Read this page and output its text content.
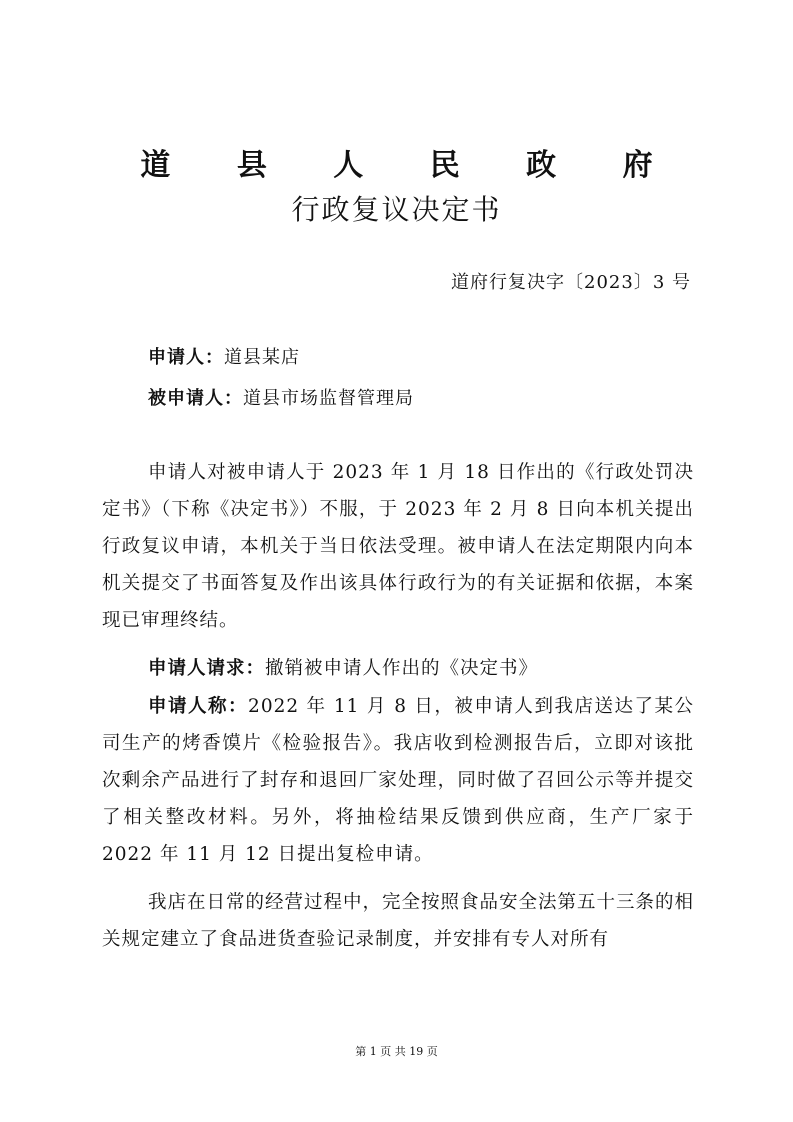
道 县 人 民 政 府
行政复议决定书
道府行复决字〔2023〕3 号
申请人：道县某店
被申请人：道县市场监督管理局
申请人对被申请人于 2023 年 1 月 18 日作出的《行政处罚决定书》（下称《决定书》）不服，于 2023 年 2 月 8 日向本机关提出行政复议申请，本机关于当日依法受理。被申请人在法定期限内向本机关提交了书面答复及作出该具体行政行为的有关证据和依据，本案现已审理终结。
申请人请求：撤销被申请人作出的《决定书》
申请人称：2022 年 11 月 8 日，被申请人到我店送达了某公司生产的烤香馍片《检验报告》。我店收到检测报告后，立即对该批次剩余产品进行了封存和退回厂家处理，同时做了召回公示等并提交了相关整改材料。另外，将抽检结果反馈到供应商，生产厂家于 2022 年 11 月 12 日提出复检申请。
我店在日常的经营过程中，完全按照食品安全法第五十三条的相关规定建立了食品进货查验记录制度，并安排有专人对所有
第 1 页 共 19 页
